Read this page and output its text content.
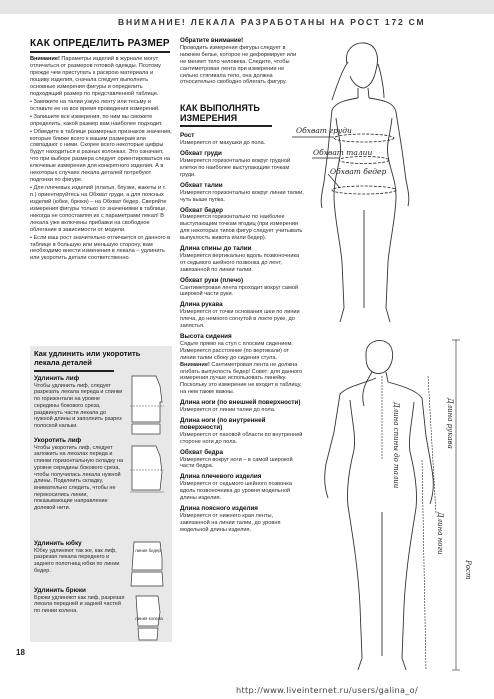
ВНИМАНИЕ! ЛЕКАЛА РАЗРАБОТАНЫ НА РОСТ 172 СМ
КАК ОПРЕДЕЛИТЬ РАЗМЕР

Внимание! Параметры изделий в журнале могут отличаться от размеров готовой одежды. Поэтому прежде чем приступать к раскрою материала и пошиву изделия, сначала следует выполнить основные измерения фигуры и определить подходящий размер по представленной таблице.

• Завяжите на талии узкую ленту или тесьму и оставьте ее на все время проведения измерений.

• Запишите все измерения, по ним вы сможете определить, какой размер вам наиболее подходит.

• Обведите в таблице размерных признаков значения, которые ближе всего к вашим размерам или совпадают с ними. Скорее всего некоторые цифры будут находиться в разных колонках. Это означает, что при выборе размера следует ориентироваться на ключевые измерения для конкретного изделия. А в некоторых случаях лекала деталей потребуют подгонки по фигуре.

• Для плечевых изделий (платья, блузки, жакеты и т. п.) ориентируйтесь на Обхват груди, а для поясных изделий (юбки, брюки) – на Обхват бедер. Сверяйте измерения фигуры только со значениями в таблице, никогда не сопоставляя их с параметрами лекал! В лекала уже включены прибавки на свободное облегание в зависимости от модели.

• Если ваш рост значительно отличается от данного в таблице в большую или меньшую сторону, вам необходимо внести изменения в лекала – удлинить или укоротить детали соответственно.

Как удлинить или укоротить лекала деталей
Удлинить лиф
Чтобы удлинить лиф, следует разрезать лекала переда и спинки по горизонтали на уровне середины бокового среза, раздвинуть части лекала до нужной длины и заполнить разрез полоской кальки.
Укоротить лиф
Чтобы укоротить лиф, следует заложить на лекалах переда и спинки горизонтальную складку на уровне середины бокового среза, чтобы получилась лекала нужной длины. Подклеить складку, внимательно следить, чтобы не перекосились линии, показывающие направление долевой нити.
Удлинить юбку
Юбку удлиняют так же, как лиф, разрезая лекала переднего и заднего полотнищ юбки по линии бедер.
Удлинить брюки
Брюки удлиняют как лиф, разрезая лекала передней и задней частей по линии колена.
линия бедер
линия колена
Обратите внимание!

Проводить измерения фигуры следует в нижнем белье, которое не деформирует или не меняет тело человека. Следите, чтобы сантиметровая лента при измерении не сильно стягивала тело, она должна относительно свободно облегать фигуру.

КАК ВЫПОЛНЯТЬ ИЗМЕРЕНИЯ
Рост

Измеряется от макушки до пола.

Обхват груди

Измеряется горизонтально вокруг грудной клетки по наиболее выступающим точкам груди.

Обхват талии

Измеряется горизонтально вокруг линии талии, чуть выше пупка.

Обхват бедер

Измеряется горизонтально по наиболее выступающим точкам ягодиц (при измерении для некоторых типов фигур следует учитывать выпуклость живота и/или бедер).

Длина спины до талии

Измеряется вертикально вдоль позвоночника от седьмого шейного позвонка до лент, завязанной по линии талии.

Обхват руки (плечо)

Сантиметровая лента проходит вокруг самой широкой части руки.

Длина рукава

Измеряется от точки основания шеи по линии плеча, до немного согнутой в локте руке, до запястья.

Высота сидения

Сядьте прямо на стул с плоским сидением. Измеряется расстояние (по вертикали) от линии талии сбоку до сидения стула.

Внимание! Сантиметровая лента не должна огибать выпуклость бедер! Совет: для данного измерения лучше использовать линейку.

Поскольку это измерение не входит в таблицу, на нем также важны.

Длина ноги (по внешней поверхности)

Измеряется от линии талии до пола.

Длина ноги (по внутренней поверхности)

Измеряется от паховой области по внутренней стороне ноги до пола.

Обхват бедра

Измеряется вокруг ноги – в самой широкой части бедра.

Длина плечевого изделия

Измеряется от седьмого шейного позвонка вдоль позвоночника до уровня модельной длины изделия.

Длина поясного изделия

Измеряется от нижнего края ленты, завязанной на линии талии, до уровня модельной длины изделия.

Обхват груди
Обхват талии
Обхват бедер
Длина спины до талии
Рост
Длина рукава
Длина ноги
18
http://www.liveinternet.ru/users/galina_o/
